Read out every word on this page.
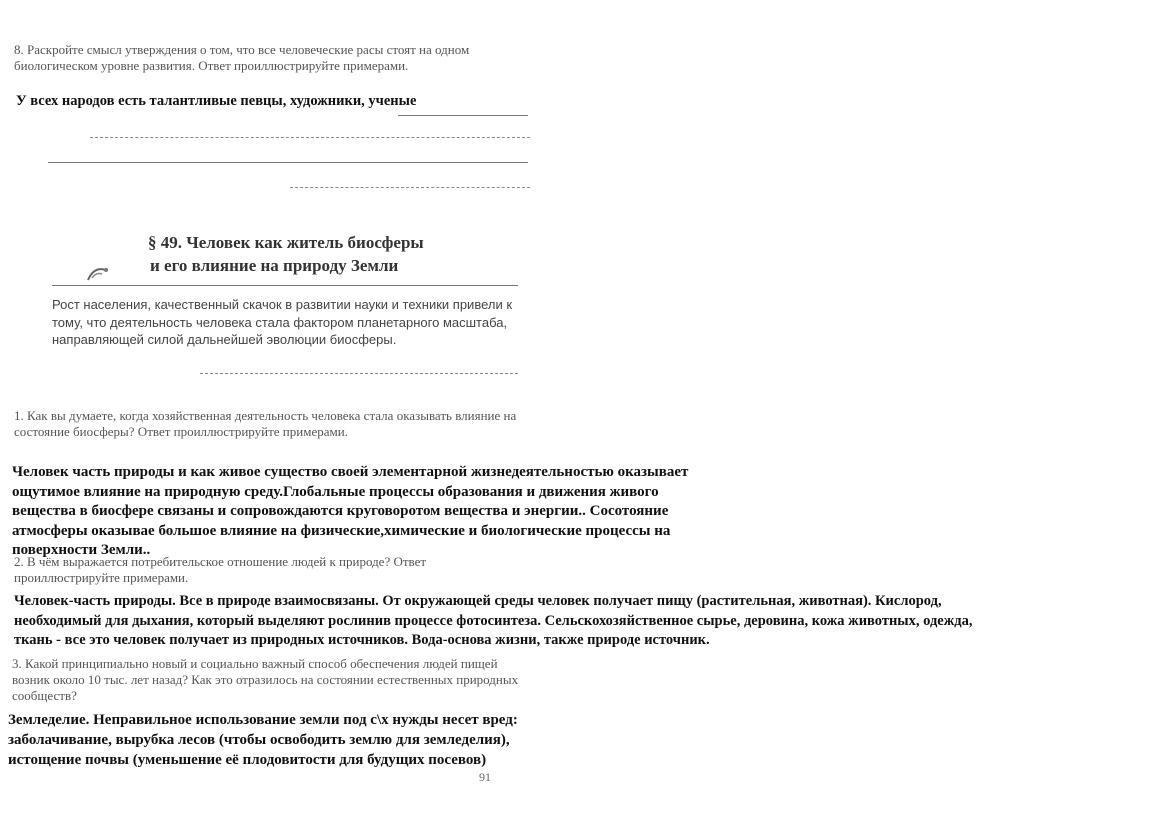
8. Раскройте смысл утверждения о том, что все человеческие расы стоят на одном биологическом уровне развития. Ответ проиллюстрируйте примерами.
У всех народов есть талантливые певцы, художники, ученые
§ 49. Человек как житель биосферы
и его влияние на природу Земли
Рост населения, качественный скачок в развитии науки и техники привели к тому, что деятельность человека стала фактором планетарного масштаба, направляющей силой дальнейшей эволюции биосферы.
1. Как вы думаете, когда хозяйственная деятельность человека стала оказывать влияние на состояние биосферы? Ответ проиллюстрируйте примерами.
Человек часть природы и как живое существо своей элементарной жизнедеятельностью оказывает
ощутимое влияние на природную среду.Глобальные процессы образования и движения живого
вещества в биосфере связаны и сопровождаются круговоротом вещества и энергии.. Сосотояние
атмосферы оказывае большое влияние на физические,химические и биологические процессы на
поверхности Земли..
2. В чём выражается потребительское отношение людей к природе? Ответ проиллюстрируйте примерами.
Человек-часть природы. Все в природе взаимосвязаны. От окружающей среды человек получает пищу (растительная, животная). Кислород,
необходимый для дыхания, который выделяют рослинив процессе фотосинтеза. Сельскохозяйственное сырье, деровина, кожа животных, одежда,
ткань - все это человек получает из природных источников. Вода-основа жизни, также природе источник.
3. Какой принципиально новый и социально важный способ обеспечения людей пищей возник около 10 тыс. лет назад? Как это отразилось на состоянии естественных природных сообществ?
Земледелие. Неправильное использование земли под с\х нужды несет вред:
заболачивание, вырубка лесов (чтобы освободить землю для земледелия),
истощение почвы (уменьшение её плодовитости для будущих посевов)
91
